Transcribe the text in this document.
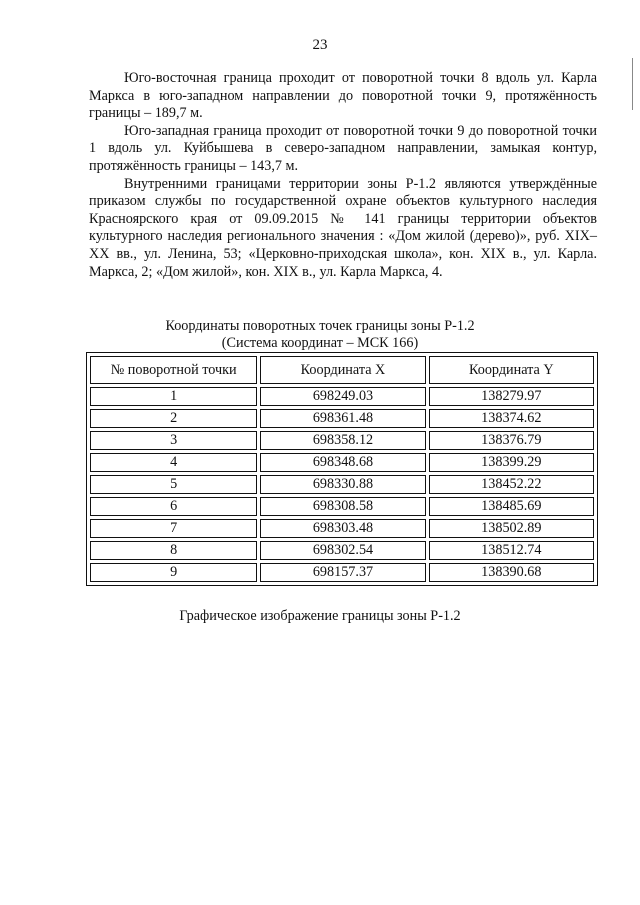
23

Юго-восточная граница проходит от поворотной точки 8 вдоль ул. Карла Маркса в юго-западном направлении до поворотной точки 9, протяжённость границы – 189,7 м.

Юго-западная граница проходит от поворотной точки 9 до поворотной точки 1 вдоль ул. Куйбышева в северо-западном направлении, замыкая контур, протяжённость границы – 143,7 м.

Внутренними границами территории зоны Р-1.2 являются утверждённые приказом службы по государственной охране объектов культурного наследия Красноярского края от 09.09.2015 № 141 границы территории объектов культурного наследия регионального значения : «Дом жилой (дерево)», руб. XIX–XX вв., ул. Ленина, 53; «Церковно-приходская школа», кон. XIX в., ул. Карла. Маркса, 2; «Дом жилой», кон. XIX в., ул. Карла Маркса, 4.

Координаты поворотных точек границы зоны Р-1.2
(Система координат – МСК 166)
№ поворотной точки	Координата X	Координата Y
1	698249.03	138279.97
2	698361.48	138374.62
3	698358.12	138376.79
4	698348.68	138399.29
5	698330.88	138452.22
6	698308.58	138485.69
7	698303.48	138502.89
8	698302.54	138512.74
9	698157.37	138390.68
Графическое изображение границы зоны Р-1.2
